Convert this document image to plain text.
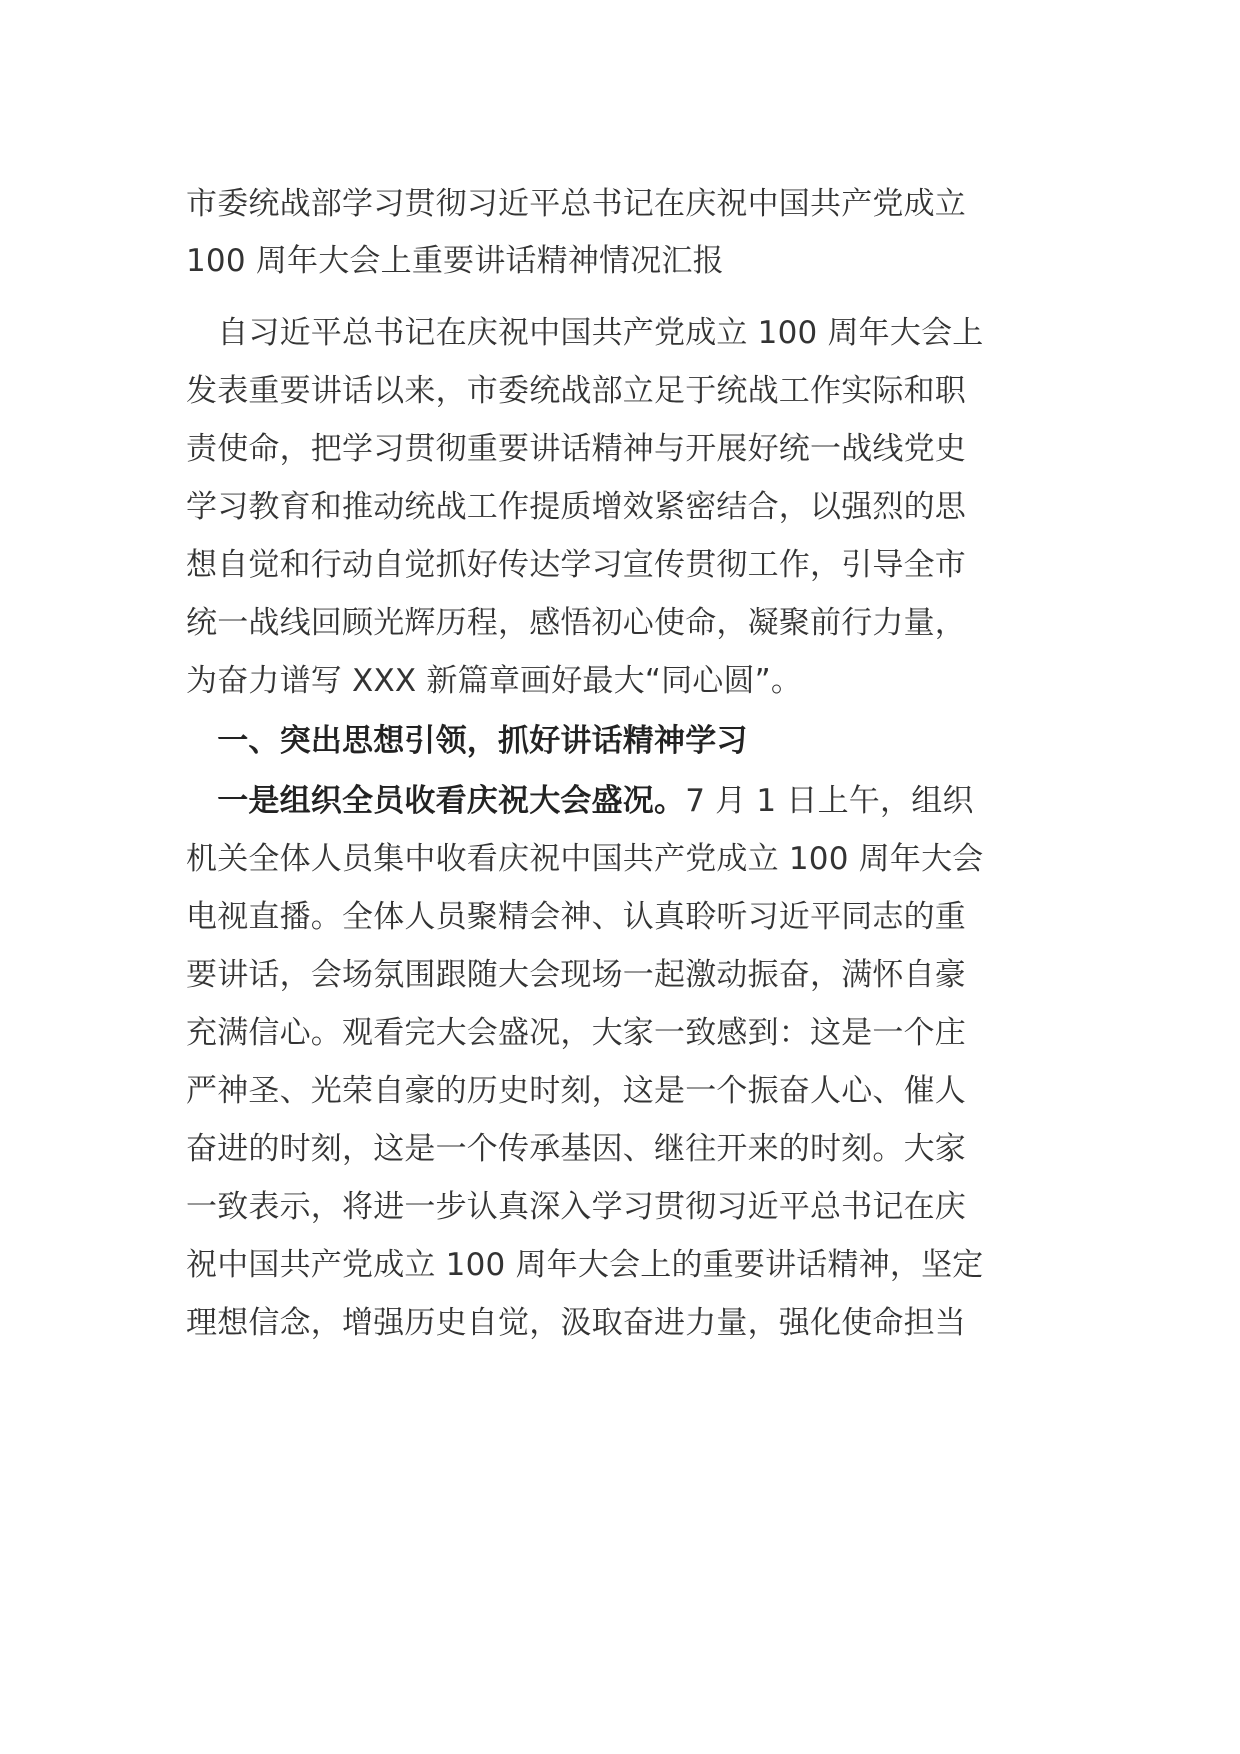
市委统战部学习贯彻习近平总书记在庆祝中国共产党成立
100 周年大会上重要讲话精神情况汇报
　自习近平总书记在庆祝中国共产党成立 100 周年大会上
发表重要讲话以来，市委统战部立足于统战工作实际和职
责使命，把学习贯彻重要讲话精神与开展好统一战线党史
学习教育和推动统战工作提质增效紧密结合，以强烈的思
想自觉和行动自觉抓好传达学习宣传贯彻工作，引导全市
统一战线回顾光辉历程，感悟初心使命，凝聚前行力量，
为奋力谱写 XXX 新篇章画好最大“同心圆”。
　一、突出思想引领，抓好讲话精神学习
　一是组织全员收看庆祝大会盛况。7 月 1 日上午，组织
机关全体人员集中收看庆祝中国共产党成立 100 周年大会
电视直播。全体人员聚精会神、认真聆听习近平同志的重
要讲话，会场氛围跟随大会现场一起激动振奋，满怀自豪
充满信心。观看完大会盛况，大家一致感到：这是一个庄
严神圣、光荣自豪的历史时刻，这是一个振奋人心、催人
奋进的时刻，这是一个传承基因、继往开来的时刻。大家
一致表示，将进一步认真深入学习贯彻习近平总书记在庆
祝中国共产党成立 100 周年大会上的重要讲话精神，坚定
理想信念，增强历史自觉，汲取奋进力量，强化使命担当
